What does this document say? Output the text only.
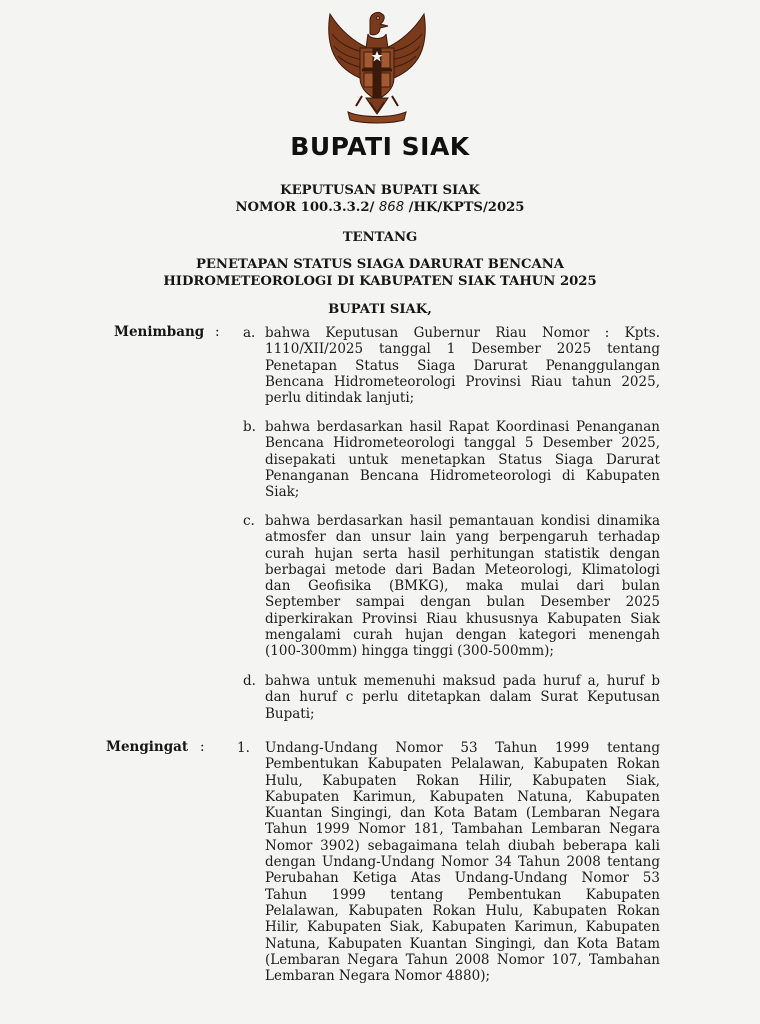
BUPATI SIAK
KEPUTUSAN BUPATI SIAK
NOMOR 100.3.3.2/ 868 /HK/KPTS/2025
TENTANG
PENETAPAN STATUS SIAGA DARURAT BENCANA
HIDROMETEOROLOGI DI KABUPATEN SIAK TAHUN 2025
BUPATI SIAK,
Menimbang : a. bahwa Keputusan Gubernur Riau Nomor : Kpts.
1110/XII/2025 tanggal 1 Desember 2025 tentang
Penetapan Status Siaga Darurat Penanggulangan
Bencana Hidrometeorologi Provinsi Riau tahun 2025,
perlu ditindak lanjuti;
b. bahwa berdasarkan hasil Rapat Koordinasi Penanganan
Bencana Hidrometeorologi tanggal 5 Desember 2025,
disepakati untuk menetapkan Status Siaga Darurat
Penanganan Bencana Hidrometeorologi di Kabupaten
Siak;
c. bahwa berdasarkan hasil pemantauan kondisi dinamika
atmosfer dan unsur lain yang berpengaruh terhadap
curah hujan serta hasil perhitungan statistik dengan
berbagai metode dari Badan Meteorologi, Klimatologi
dan Geofisika (BMKG), maka mulai dari bulan
September sampai dengan bulan Desember 2025
diperkirakan Provinsi Riau khususnya Kabupaten Siak
mengalami curah hujan dengan kategori menengah
(100-300mm) hingga tinggi (300-500mm);
d. bahwa untuk memenuhi maksud pada huruf a, huruf b
dan huruf c perlu ditetapkan dalam Surat Keputusan
Bupati;
Mengingat : 1. Undang-Undang Nomor 53 Tahun 1999 tentang
Pembentukan Kabupaten Pelalawan, Kabupaten Rokan
Hulu, Kabupaten Rokan Hilir, Kabupaten Siak,
Kabupaten Karimun, Kabupaten Natuna, Kabupaten
Kuantan Singingi, dan Kota Batam (Lembaran Negara
Tahun 1999 Nomor 181, Tambahan Lembaran Negara
Nomor 3902) sebagaimana telah diubah beberapa kali
dengan Undang-Undang Nomor 34 Tahun 2008 tentang
Perubahan Ketiga Atas Undang-Undang Nomor 53
Tahun 1999 tentang Pembentukan Kabupaten
Pelalawan, Kabupaten Rokan Hulu, Kabupaten Rokan
Hilir, Kabupaten Siak, Kabupaten Karimun, Kabupaten
Natuna, Kabupaten Kuantan Singingi, dan Kota Batam
(Lembaran Negara Tahun 2008 Nomor 107, Tambahan
Lembaran Negara Nomor 4880);
